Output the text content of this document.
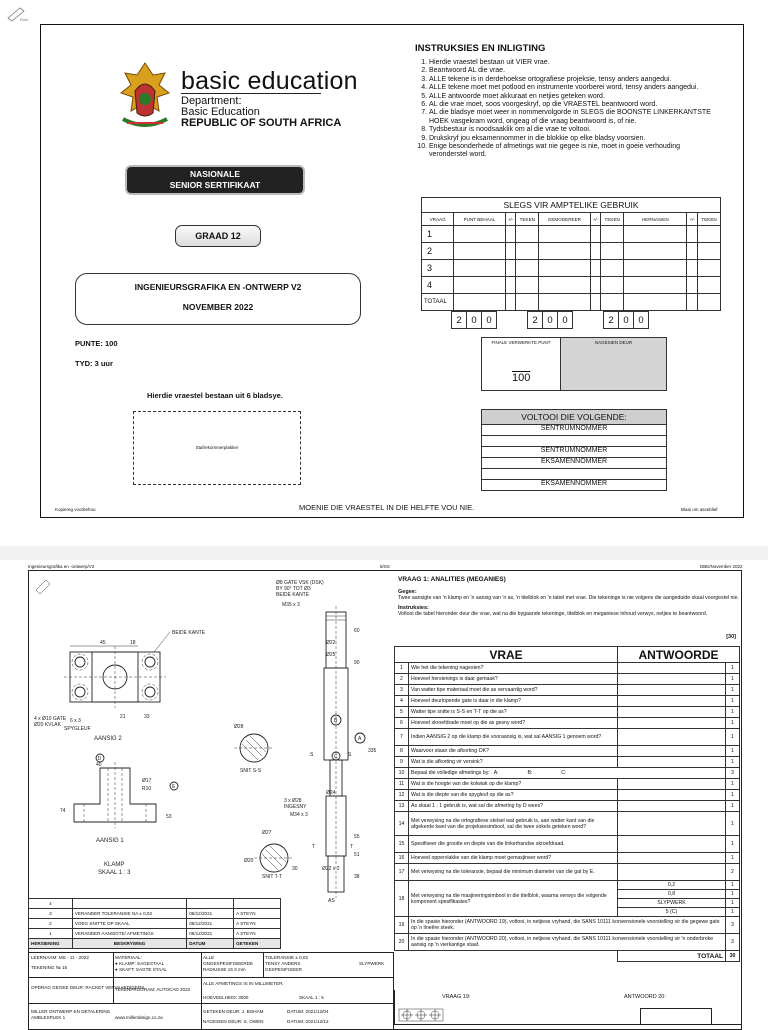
Rule
basic education
Department:
Basic Education
REPUBLIC OF SOUTH AFRICA
NASIONALE
SENIOR SERTIFIKAAT
GRAAD 12
INGENIEURSGRAFIKA EN -ONTWERP V2
NOVEMBER 2022
PUNTE: 100
TYD: 3 uur
Hierdie vraestel bestaan uit 6 bladsye.
Stafrekommerplakker
Kopiereg voorbehou	MOENIE DIE VRAESTEL IN DIE HELFTE VOU NIE.	Blaai om asseblief
INSTRUKSIES EN INLIGTING
1. Hierdie vraestel bestaan uit VIER vrae.
2. Beantwoord AL die vrae.
3. ALLE tekene is in derdehoekse ortografiese projeksie, tensy anders aangedui.
4. ALLE tekene moet met potlood en instrumente voorberei word, tensy anders aangedui.
5. ALLE antwoorde moet akkuraat en netjies geteken word.
6. AL die vrae moet, soos voorgeskryf, op die VRAESTEL beantwoord word.
7. AL die bladsye moet weer in nommervolgorde in SLEGS die BOONSTE LINKERKANTSTE HOEK vasgekram word, ongeag of die vraag beantwoord is, of nie.
8. Tydsbestuur is noodsaaklik om al die vrae te voltooi.
9. Drukskryf jou eksamennommer in die blokkie op elke bladsy voorsien.
10. Enige besonderhede of afmetings wat nie gegee is nie, moet in goeie verhouding veronderstel word.
SLEGS VIR AMPTELIKE GEBRUIK
VRAAG	PUNT BEHAAL	+/-	TEKEN	GEMODEREER	+/-	TEKEN	HERNASIEN	+/-	TEKEN
1									
2									
3									
4									
TOTAAL									
2	0	0		2	0	0		2	0	0
FINALE VERWERKTE PUNT
100
NAGESIEN DEUR
VOLTOOI DIE VOLGENDE:
SENTRUMNOMMER
SENTRUMNOMMER
EKSAMENNOMMER
EKSAMENNOMMER
Ingenieursgrafika en -ontwerp/V2	8/SS	DBE/November 2022
45	18
21	33
BEIDE KANTE
4 x Ø10 GATE
Ø20 KVLAK
6 x 3
SPYGLEUF
AANSIG 2
D
40
Ø17
R10	E
74
53
AANSIG 1
KLAMP
SKAAL 1 : 3
B
A
C
Ø8 GATE VSK (DSK)
BY 90° TOT Ø3
BEIDE KANTE
M35 x 3
Ø22
Ø25
60
90
335
Ø24
3 x Ø28
INGESNY
M34 x 3
Ø22 x 2
51
38
55
S	S
T	T
AS
Ø28
SNIT S-S
Ø27
Ø20
30
SNIT T-T
4				
3	VERANDER TOLERANSIE NA ± 0,02	08/12/2021	A STEYN	
2	VOEG SNITTE OP SKAAL	08/12/2021	A STEYN	
1	VERANDER AANSIGTE/ AFMETINGS	08/12/2021	A STEYN	
HERSIENING	BESKRYWING	DATUM	GETEKEN	
LEERNAAM: MS - 11 - 2022
TEKENING № 15
MATERIAAL:
● KLAMP: SAGESTAAL
● SKAFT: SAGTE STAAL
ALLE
ONGESPESIFISEERDE
RADIUSSE 15 3 mm
TOLERANSIE ± 0,02
TENSY ANDERS
GESPESIFISEER
SLYPWERK
OPDRAG GEGEE DEUR: RACKET VERVAARDIGERS
TEKENPROGRAM: AUTOCAD 2022
ALLE AFMETINGS IS IN MILLIMETER.
HOEVEELHEID: 3000	SKAAL 1 : 5
MILLER ONTWERP EN DETALERING
AMBLESPLEK 1	www.millerdesign.co.za
GETEKEN DEUR: J. BOHAM
NAGESIEN DEUR: S. OWEN
DATUM: 2021/12/04
DATUM: 2021/12/12
VRAAG 1: ANALITIES (MEGANIES)
Gegee:
Twee aansigte van 'n klamp en 'n aansig van 'n as, 'n titelblok en 'n tabel met vrae. Die tekeninge is nie volgens die aangeduide skaal voorgestel nie.
Instruksies:
Voltooi die tabel hieronder deur die vrae, wat na die bygaande tekeninge, titelblok en meganiese inhoud verwys, netjies te beantwoord.
[30]
VRAE		ANTWOORDE	
1	Wie het die tekening nagesien?		1
2	Hoeveel hersienings is daar gemaak?		1
3	Van watter tipe materiaal moet die as vervaardig word?		1
4	Hoeveel deurlopende gate is daar in die klamp?		1
5	Watter tipe snitte is S-S en T-T op die as?		1
6	Hoeveel skroefdrade moet op die as gesny word?		1
7	Indien AANSIG 2 op die klamp die vooraansig is, wat sal AANSIG 1 genoem word?		1
8	Waarvoor staan die afkorting OK?		1
9	Wat is die afkorting vir versink?		1
10	Bepaal die volledige afmetings by:   A:                    B:                    C:		3
11	Wat is die hoogte van die kolwiak op die klamp?		1
12	Wat is die diepte van die spygleuf op die as?		1
13	As skaal 1 : 1 gebruik is, wat sal die afmeting by D wees?		1
14	Met verwysing na die ortografiese stelsel wat gebruik is, aan watter kant van die afgekerde kwel van die projeksiesimbool, sal die twee sirkels geteken word?		1
15	Spesifiseer die grootte en diepte van die linkerhandse skroefdraad.		1
16	Hoeveel oppervlakke van die klamp moet gemasjineer word?		1
17	Met verwysing na die toleransie, bepaal die minimum diameter van die gat by E.		2
18	Met verwysing na die masjineringsimbool in die titelblok, waarna verwys die volgende komponent spesifikasies?	0,2	1
		0,8	1
		SLYPWERK	1
		5 (C)	1
19	In die spasie hieronder (ANTWOORD 19), voltooi, in netjiese vryhand, die SANS 10111 konvensionele voorstelling vir die gegewe gate op 'n lineêre steek.		3
20	In die spasie hieronder (ANTWOORD 20), voltooi, in netjiese vryhand, die SANS 10111 konvensionele voorstelling vir 'n onderbroke aansig op 'n vierkantige staaf.		3
		TOTAAL	30
VRAAG 19:	ANTWOORD 20:
